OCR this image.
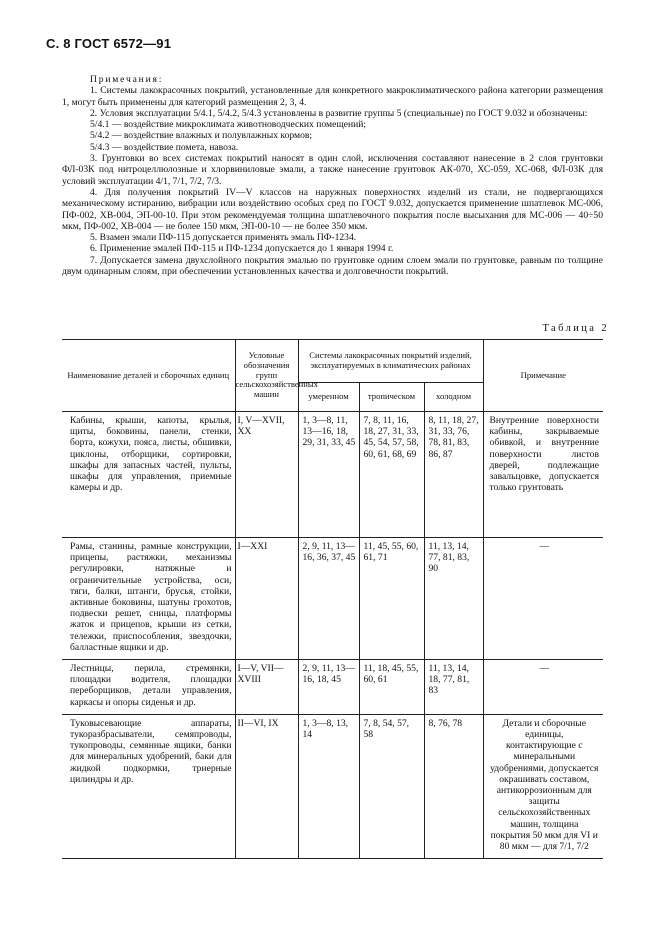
С. 8 ГОСТ 6572—91

Примечания:

1. Системы лакокрасочных покрытий, установленные для конкретного макроклиматического района категории размещения 1, могут быть применены для категорий размещения 2, 3, 4.

2. Условия эксплуатации 5/4.1, 5/4.2, 5/4.3 установлены в развитие группы 5 (специальные) по ГОСТ 9.032 и обозначены:

5/4.1 — воздействие микроклимата животноводческих помещений;

5/4.2 — воздействие влажных и полувлажных кормов;

5/4.3 — воздействие помета, навоза.

3. Грунтовки во всех системах покрытий наносят в один слой, исключения составляют нанесение в 2 слоя грунтовки ФЛ-03К под нитроцеллюлозные и хлорвиниловые эмали, а также нанесение грунтовок АК-070, ХС-059, ХС-068, ФЛ-03К для условий эксплуатации 4/1, 7/1, 7/2, 7/3.

4. Для получения покрытий IV—V классов на наружных поверхностях изделий из стали, не подвергающихся механическому истиранию, вибрации или воздействию особых сред по ГОСТ 9.032, допускается применение шпатлевок МС-006, ПФ-002, ХВ-004, ЭП-00-10. При этом рекомендуемая толщина шпатлевочного покрытия после высыхания для МС-006 — 40÷50 мкм, ПФ-002, ХВ-004 — не более 150 мкм, ЭП-00-10 — не более 350 мкм.

5. Взамен эмали ПФ-115 допускается применять эмаль ПФ-1234.

6. Применение эмалей ПФ-115 и ПФ-1234 допускается до 1 января 1994 г.

7. Допускается замена двухслойного покрытия эмалью по грунтовке одним слоем эмали по грунтовке, равным по толщине двум одинарным слоям, при обеспечении установленных качества и долговечности покрытий.

Таблица 2
Наименование деталей и сборочных единиц	Условные обозначения групп сельскохозяйственных машин	Системы лакокрасочных покрытий изделий, эксплуатируемых в климатических районах			Примечание
		умеренном	тропическом	холодном	
Кабины, крыши, капоты, крылья, щиты, боковины, панели, стенки, борта, кожухи, пояса, листы, обшивки, циклоны, отборщики, сортировки, шкафы для запасных частей, пульты, шкафы для управления, приемные камеры и др.	I, V—XVII, XX	1, 3—8, 11, 13—16, 18, 29, 31, 33, 45	7, 8, 11, 16, 18, 27, 31, 33, 45, 54, 57, 58, 60, 61, 68, 69	8, 11, 18, 27, 31, 33, 76, 78, 81, 83, 86, 87	Внутренние поверхности кабины, закрываемые обивкой, и внутренние поверхности листов дверей, подлежащие завальцовке, допускается только грунтовать
Рамы, станины, рамные конструкции, прицепы, растяжки, механизмы регулировки, натяжные и ограничительные устройства, оси, тяги, балки, штанги, брусья, стойки, активные боковины, шатуны грохотов, подвески решет, сницы, платформы жаток и прицепов, крыши из сетки, тележки, приспособления, звездочки, балластные ящики и др.	I—XXI	2, 9, 11, 13—16, 36, 37, 45	11, 45, 55, 60, 61, 71	11, 13, 14, 77, 81, 83, 90	—
Лестницы, перила, стремянки, площадки водителя, площадки переборщиков, детали управления, каркасы и опоры сиденья и др.	I—V, VII—XVIII	2, 9, 11, 13—16, 18, 45	11, 18, 45, 55, 60, 61	11, 13, 14, 18, 77, 81, 83	—
Туковысевающие аппараты, тукоразбрасыватели, семяпроводы, тукопроводы, семянные ящики, банки для минеральных удобрений, баки для жидкой подкормки, триерные цилиндры и др.	II—VI, IX	1, 3—8, 13, 14	7, 8, 54, 57, 58	8, 76, 78	Детали и сборочные единицы, контактирующие с минеральными удобрениями, допускается окрашивать составом, антикоррозионным для защиты сельскохозяйственных машин, толщина покрытия 50 мкм для VI и 80 мкм — для 7/1, 7/2
